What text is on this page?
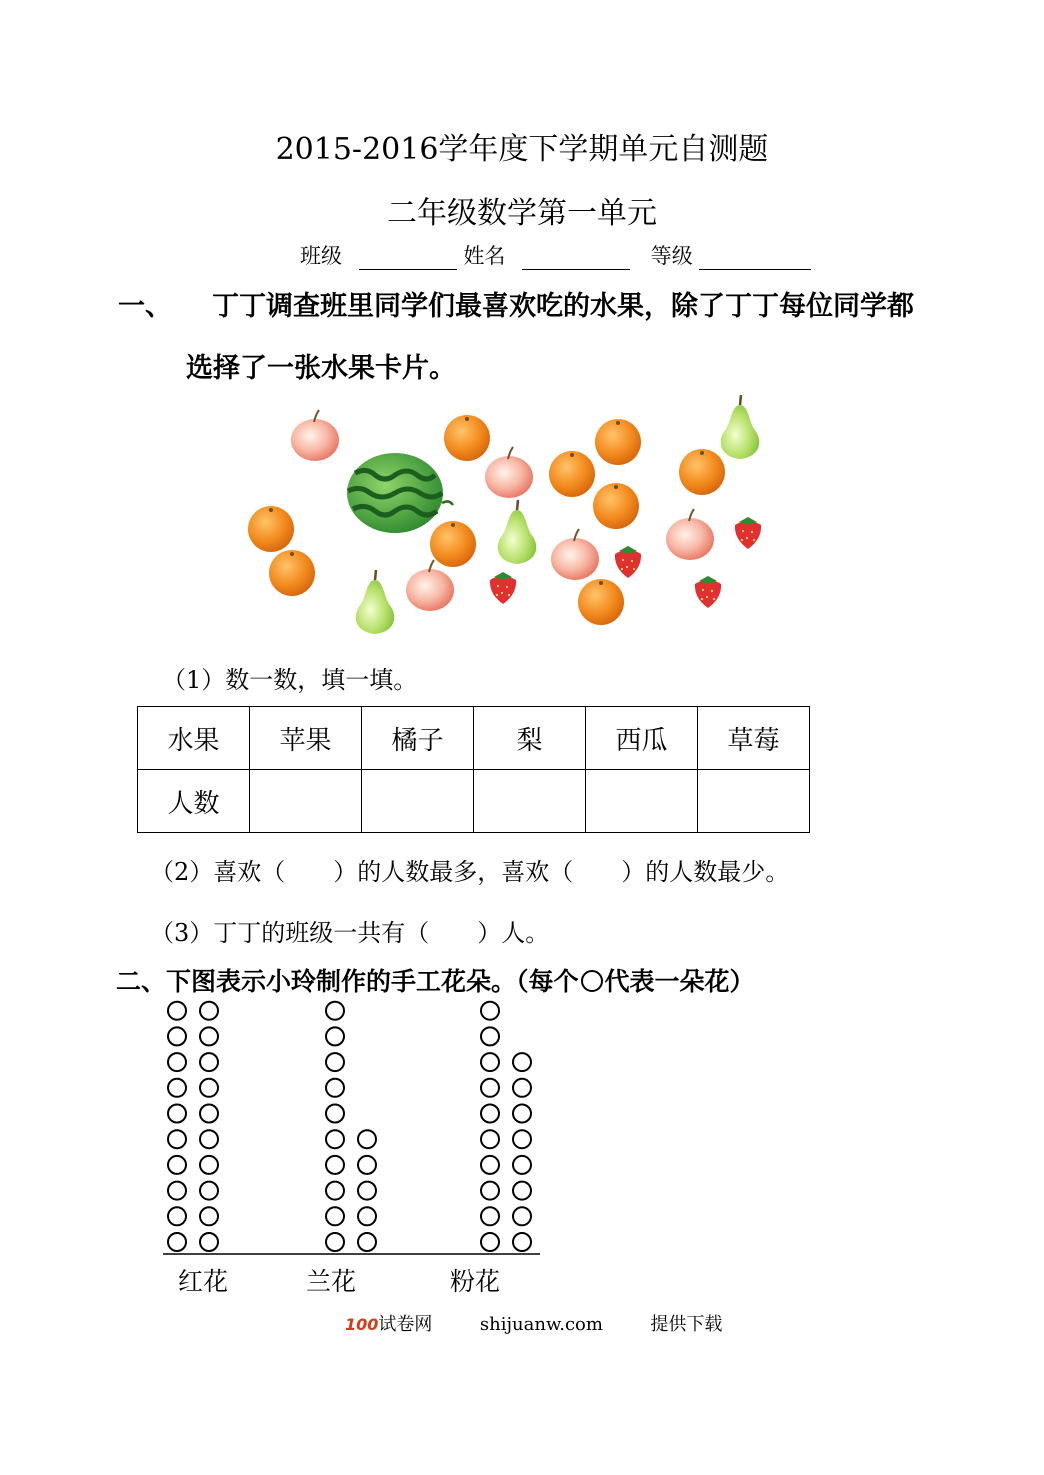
2015-2016学年度下学期单元自测题
二年级数学第一单元
班级	姓名	等级
一、 丁丁调查班里同学们最喜欢吃的水果，除了丁丁每位同学都
选择了一张水果卡片。
（1）数一数，填一填。
水果	苹果	橘子	梨	西瓜	草莓
人数					
（2）喜欢（　　）的人数最多，喜欢（　　）的人数最少。
（3）丁丁的班级一共有（　　）人。
二、下图表示小玲制作的手工花朵。（每个 代表一朵花）
红花	兰花	粉花
100试卷网	shijuanw.com	提供下载
